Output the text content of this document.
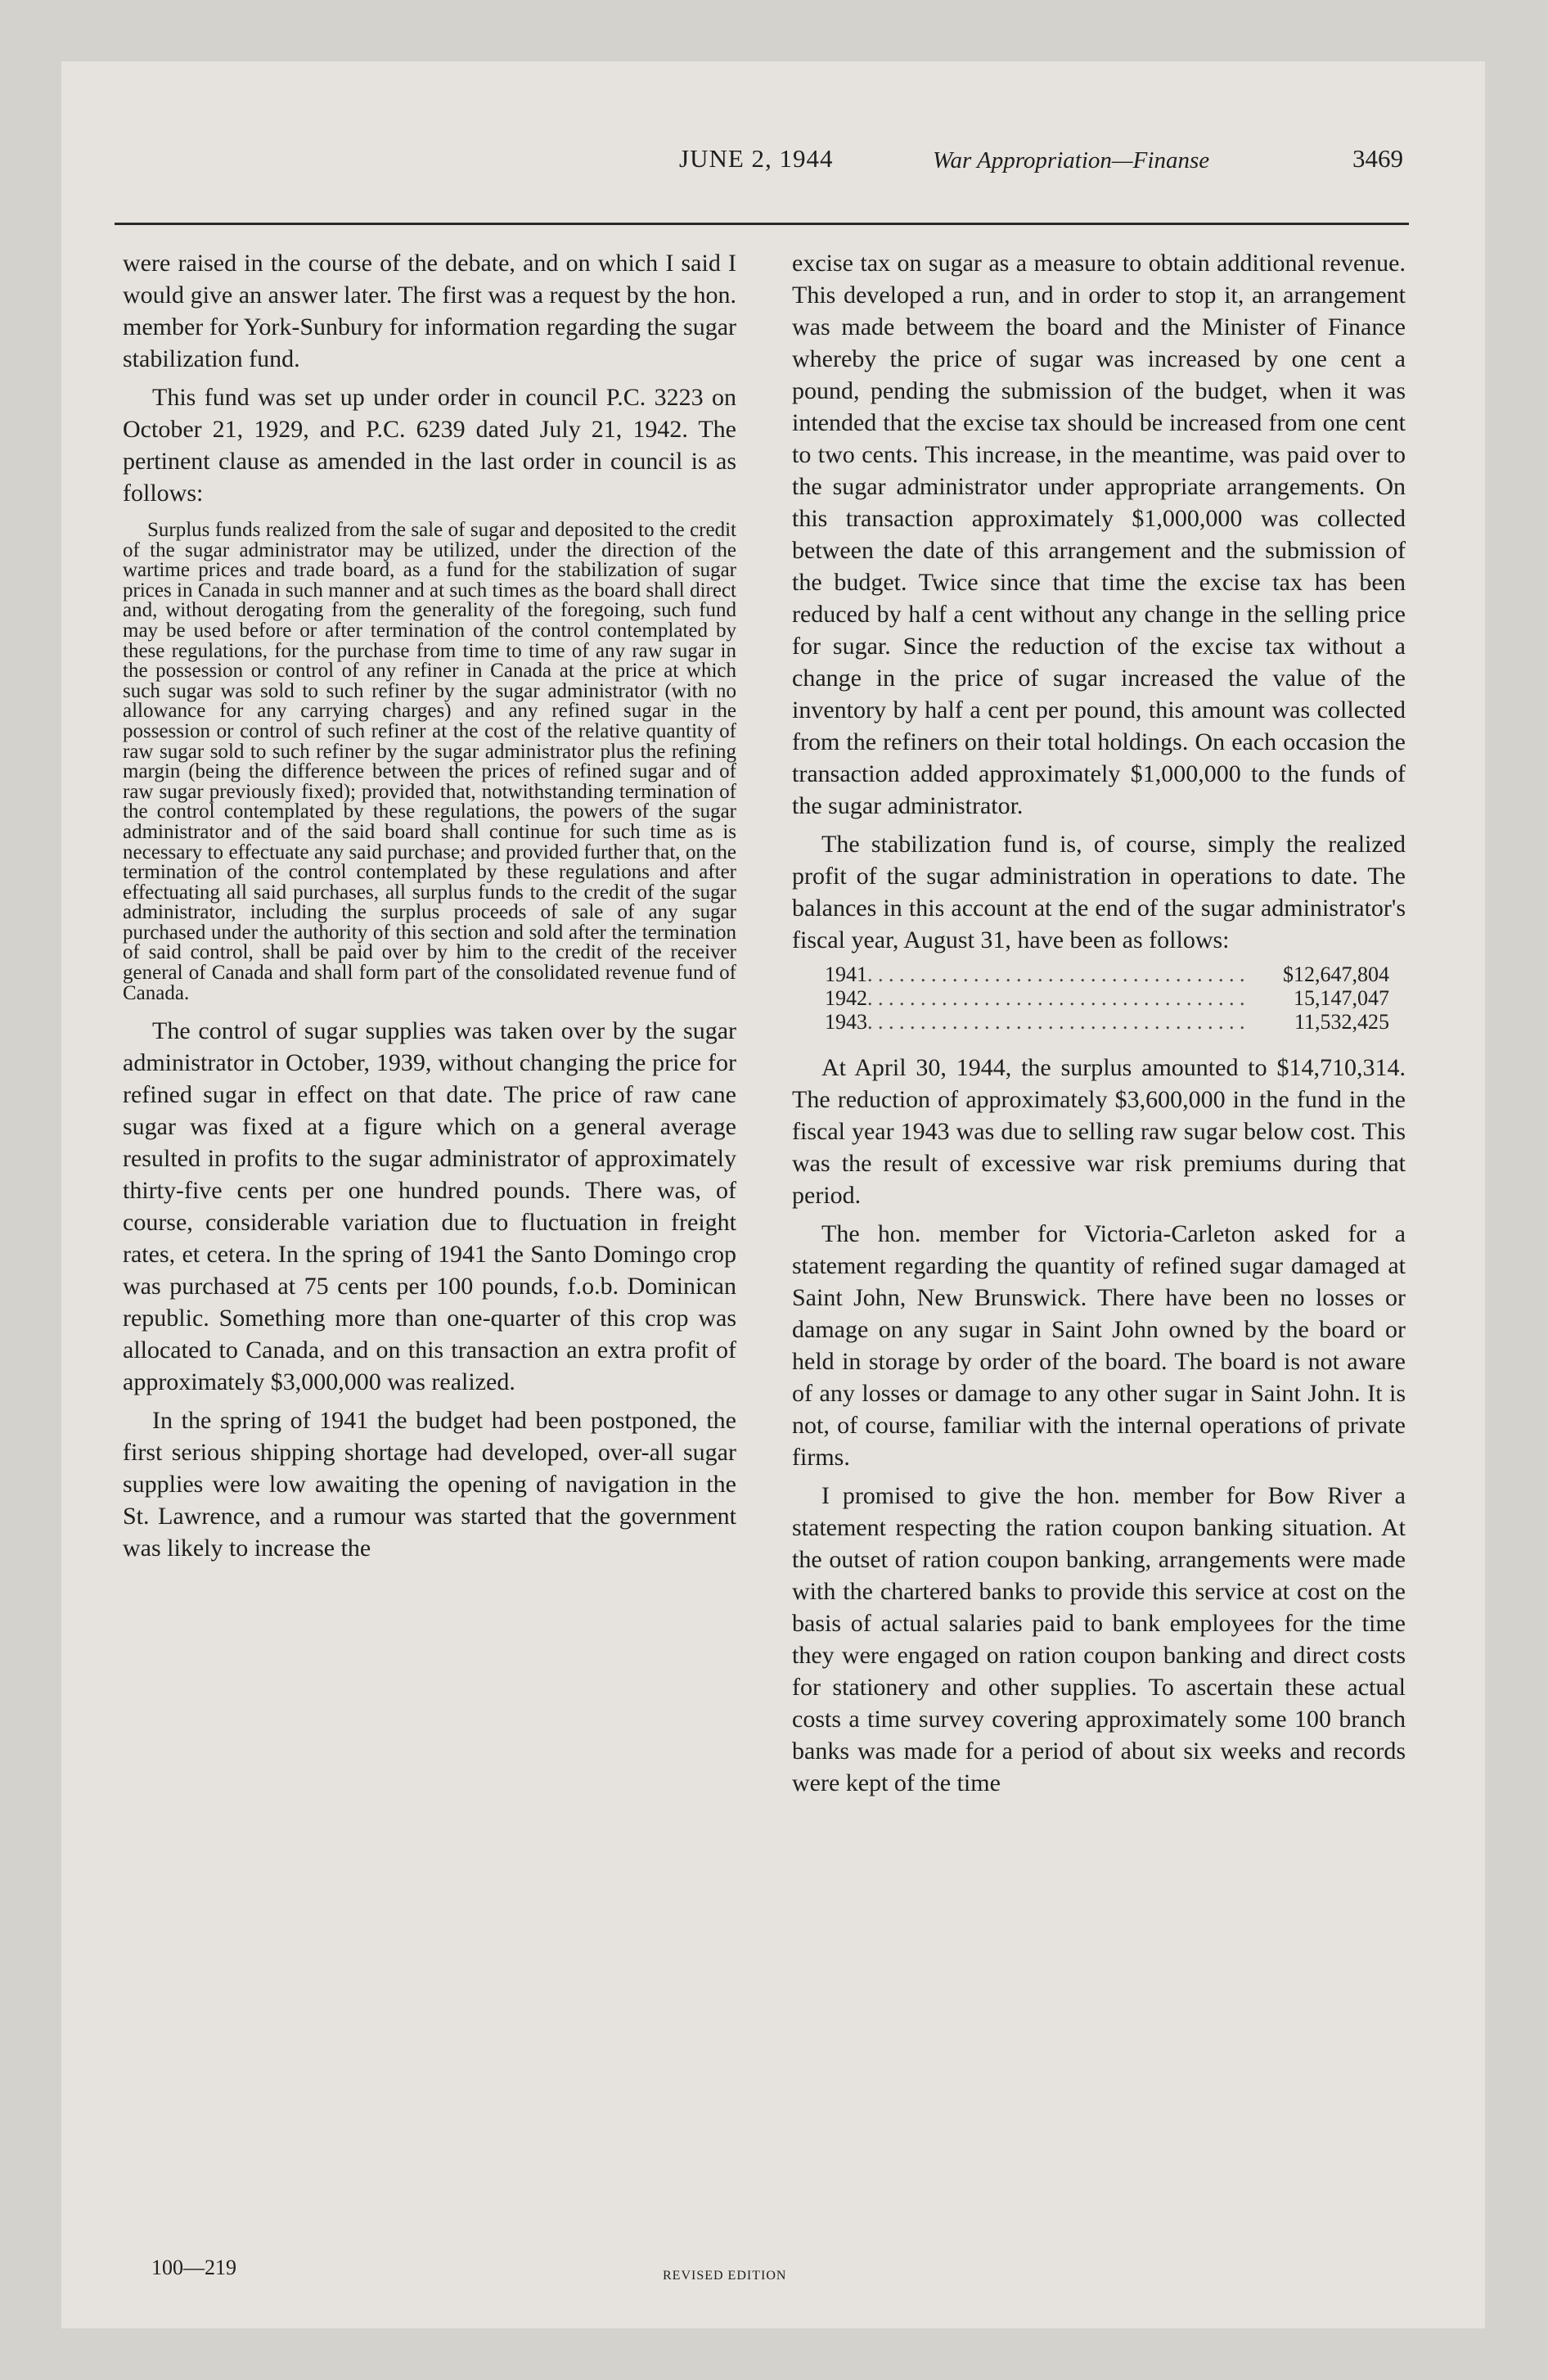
JUNE 2, 1944	War Appropriation—Finanse	3469

were raised in the course of the debate, and on which I said I would give an answer later. The first was a request by the hon. member for York-Sunbury for information regarding the sugar stabilization fund.

This fund was set up under order in council P.C. 3223 on October 21, 1929, and P.C. 6239 dated July 21, 1942. The pertinent clause as amended in the last order in council is as follows:

Surplus funds realized from the sale of sugar and deposited to the credit of the sugar administrator may be utilized, under the direction of the wartime prices and trade board, as a fund for the stabilization of sugar prices in Canada in such manner and at such times as the board shall direct and, without derogating from the generality of the foregoing, such fund may be used before or after termination of the control contemplated by these regulations, for the purchase from time to time of any raw sugar in the possession or control of any refiner in Canada at the price at which such sugar was sold to such refiner by the sugar administrator (with no allowance for any carrying charges) and any refined sugar in the possession or control of such refiner at the cost of the relative quantity of raw sugar sold to such refiner by the sugar administrator plus the refining margin (being the difference between the prices of refined sugar and of raw sugar previously fixed); provided that, notwithstanding termination of the control contemplated by these regulations, the powers of the sugar administrator and of the said board shall continue for such time as is necessary to effectuate any said purchase; and provided further that, on the termination of the control contemplated by these regulations and after effectuating all said purchases, all surplus funds to the credit of the sugar administrator, including the surplus proceeds of sale of any sugar purchased under the authority of this section and sold after the termination of said control, shall be paid over by him to the credit of the receiver general of Canada and shall form part of the consolidated revenue fund of Canada.

The control of sugar supplies was taken over by the sugar administrator in October, 1939, without changing the price for refined sugar in effect on that date. The price of raw cane sugar was fixed at a figure which on a general average resulted in profits to the sugar administrator of approximately thirty-five cents per one hundred pounds. There was, of course, considerable variation due to fluctuation in freight rates, et cetera. In the spring of 1941 the Santo Domingo crop was purchased at 75 cents per 100 pounds, f.o.b. Dominican republic. Something more than one-quarter of this crop was allocated to Canada, and on this transaction an extra profit of approximately $3,000,000 was realized.

In the spring of 1941 the budget had been postponed, the first serious shipping shortage had developed, over-all sugar supplies were low awaiting the opening of navigation in the St. Lawrence, and a rumour was started that the government was likely to increase the

excise tax on sugar as a measure to obtain additional revenue. This developed a run, and in order to stop it, an arrangement was made betweem the board and the Minister of Finance whereby the price of sugar was increased by one cent a pound, pending the submission of the budget, when it was intended that the excise tax should be increased from one cent to two cents. This increase, in the meantime, was paid over to the sugar administrator under appropriate arrangements. On this transaction approximately $1,000,000 was collected between the date of this arrangement and the submission of the budget. Twice since that time the excise tax has been reduced by half a cent without any change in the selling price for sugar. Since the reduction of the excise tax without a change in the price of sugar increased the value of the inventory by half a cent per pound, this amount was collected from the refiners on their total holdings. On each occasion the transaction added approximately $1,000,000 to the funds of the sugar administrator.

The stabilization fund is, of course, simply the realized profit of the sugar administration in operations to date. The balances in this account at the end of the sugar administrator's fiscal year, August 31, have been as follows:

1941 . . .	$12,647,804
1942 . . .	15,147,047
1943 . . .	11,532,425

At April 30, 1944, the surplus amounted to $14,710,314. The reduction of approximately $3,600,000 in the fund in the fiscal year 1943 was due to selling raw sugar below cost. This was the result of excessive war risk premiums during that period.

The hon. member for Victoria-Carleton asked for a statement regarding the quantity of refined sugar damaged at Saint John, New Brunswick. There have been no losses or damage on any sugar in Saint John owned by the board or held in storage by order of the board. The board is not aware of any losses or damage to any other sugar in Saint John. It is not, of course, familiar with the internal operations of private firms.

I promised to give the hon. member for Bow River a statement respecting the ration coupon banking situation. At the outset of ration coupon banking, arrangements were made with the chartered banks to provide this service at cost on the basis of actual salaries paid to bank employees for the time they were engaged on ration coupon banking and direct costs for stationery and other supplies. To ascertain these actual costs a time survey covering approximately some 100 branch banks was made for a period of about six weeks and records were kept of the time

100—219	REVISED EDITION
